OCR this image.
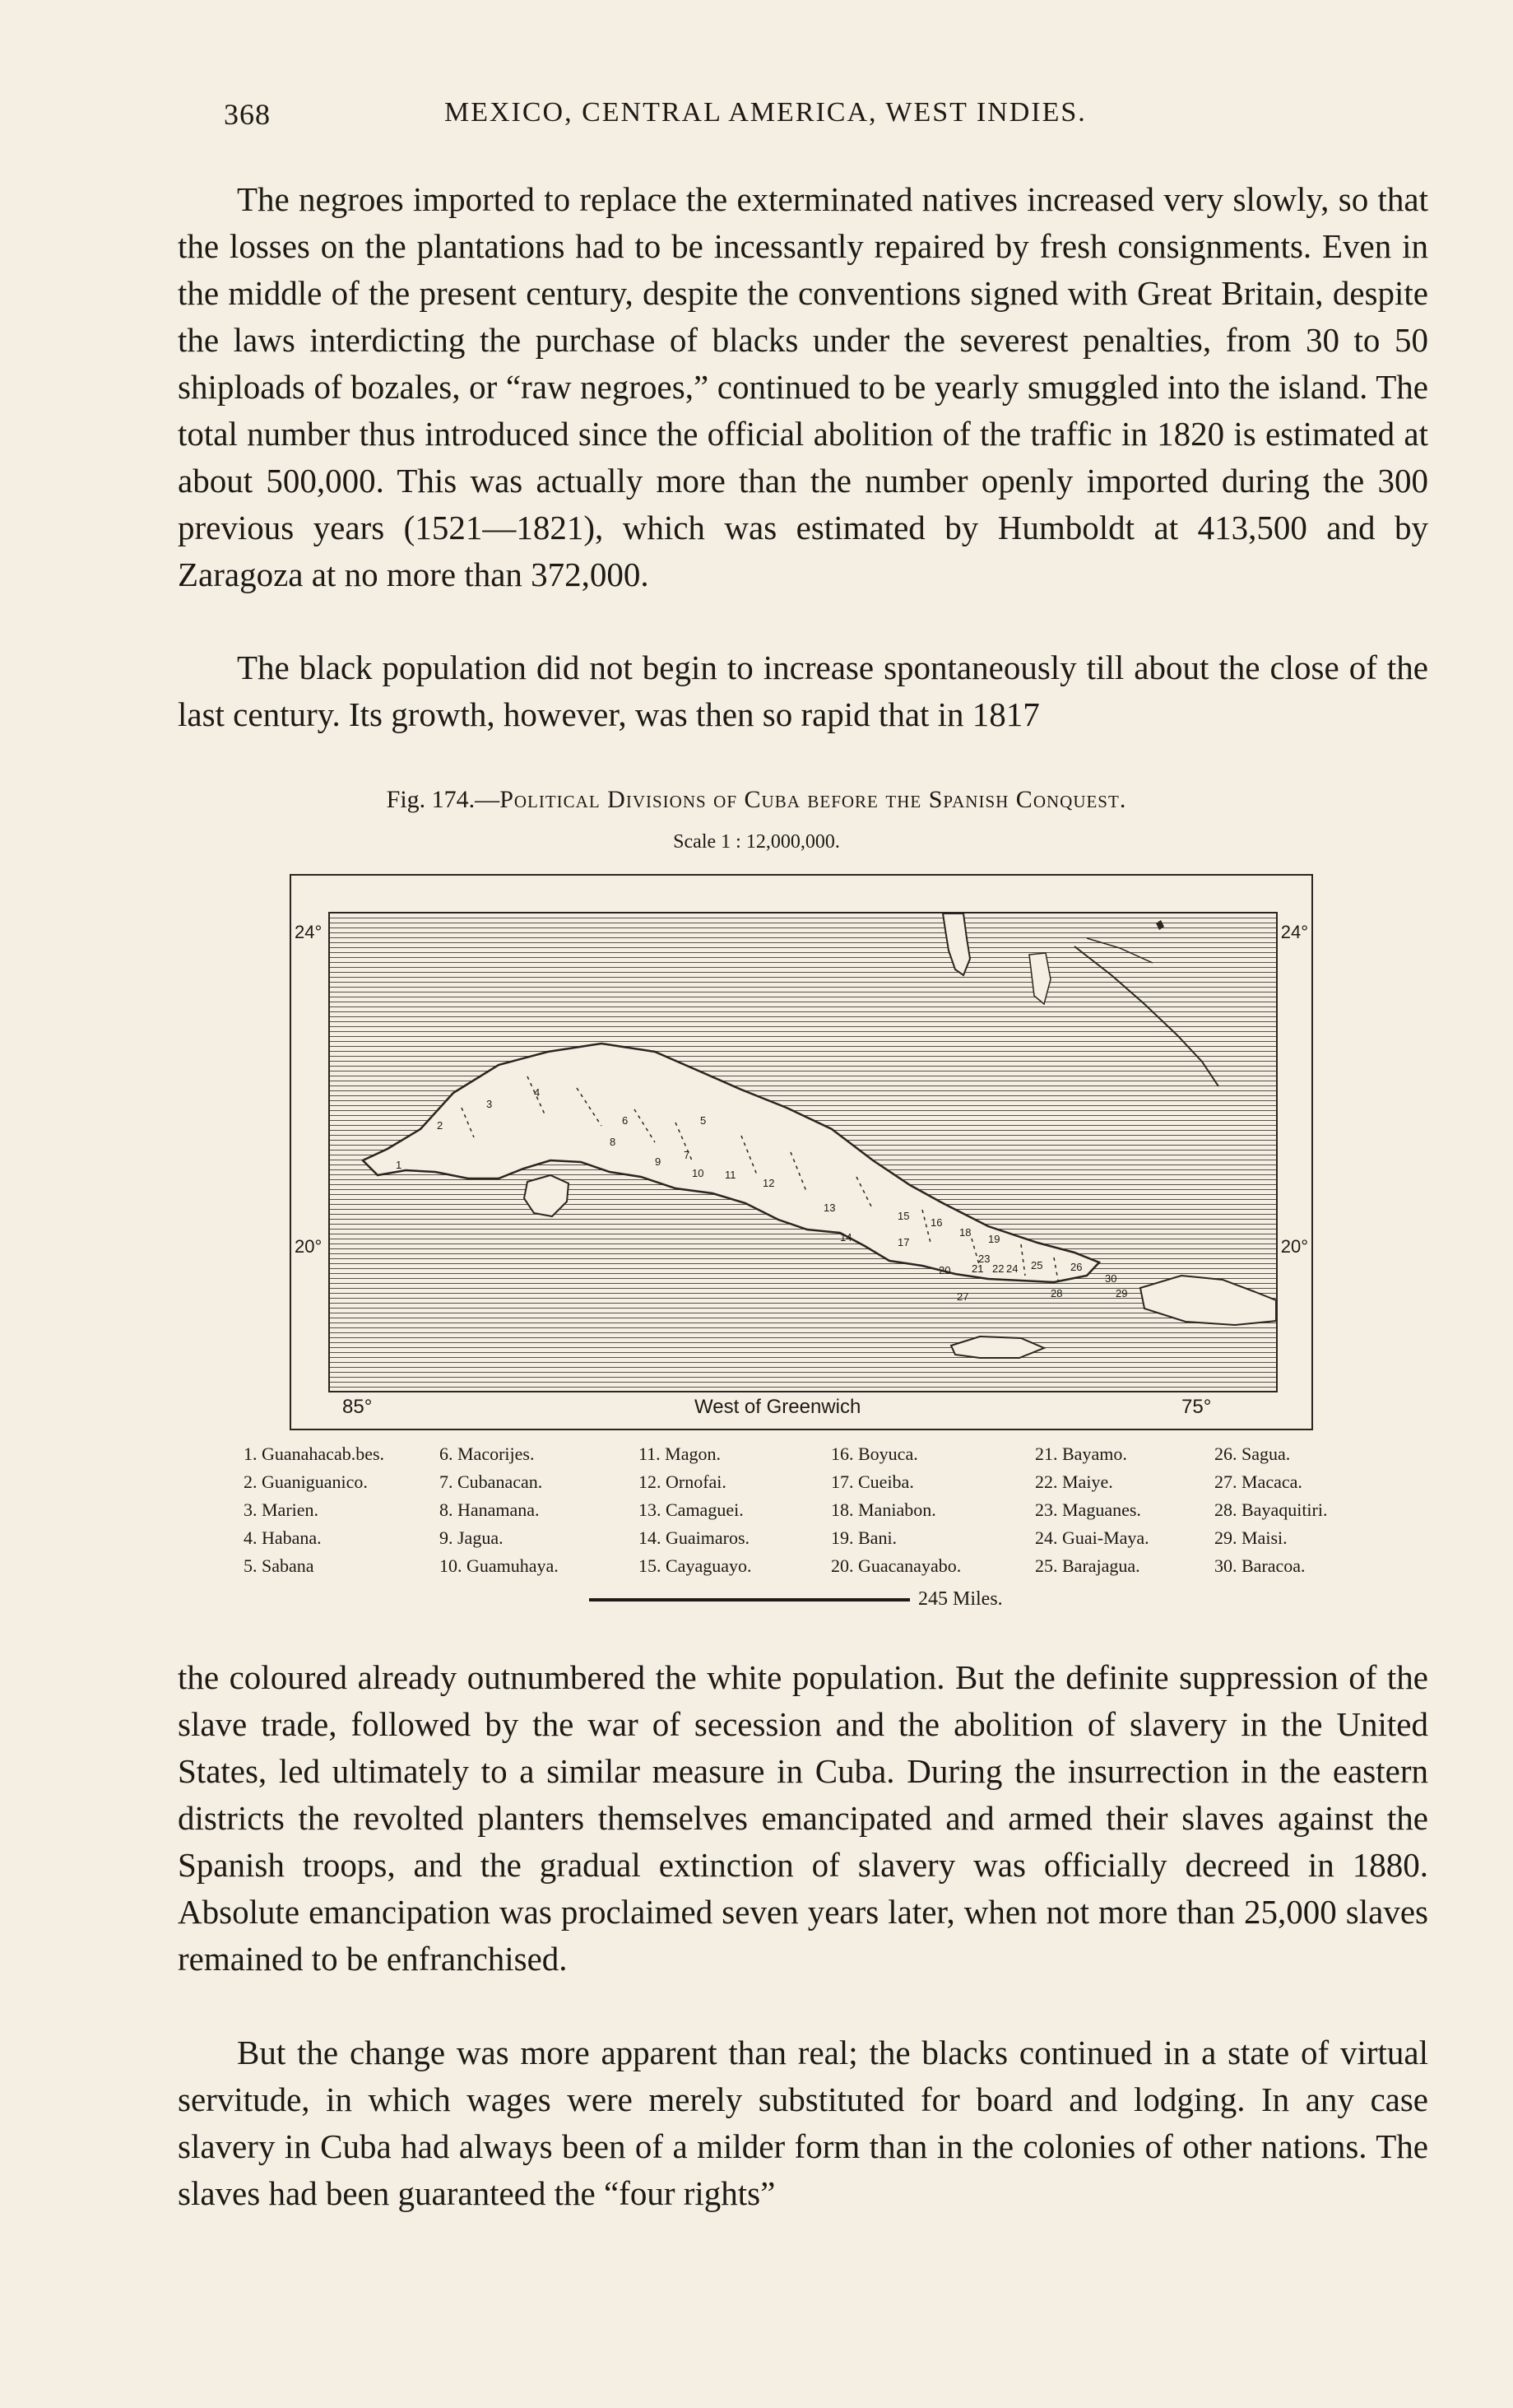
368	MEXICO, CENTRAL AMERICA, WEST INDIES.

The negroes imported to replace the exterminated natives increased very slowly, so that the losses on the plantations had to be incessantly repaired by fresh consignments. Even in the middle of the present century, despite the conventions signed with Great Britain, despite the laws interdicting the purchase of blacks under the severest penalties, from 30 to 50 shiploads of bozales, or “raw negroes,” continued to be yearly smuggled into the island. The total number thus introduced since the official abolition of the traffic in 1820 is estimated at about 500,000. This was actually more than the number openly imported during the 300 previous years (1521—1821), which was estimated by Humboldt at 413,500 and by Zaragoza at no more than 372,000.

The black population did not begin to increase spontaneously till about the close of the last century. Its growth, however, was then so rapid that in 1817

Fig. 174.—Political Divisions of Cuba before the Spanish Conquest.
Scale 1 : 12,000,000.
24°	24°
20°	20°
85°	West of Greenwich	75°
1
2
3
4
5
6
7
8
9
10 11
12
13
14
15
16
17
18
19
20 21 22
23
24 25	26
27	28	29
30
1. Guanahacab.bes.
2. Guaniguanico.
3. Marien.
4. Habana.
5. Sabana
6. Macorijes.
7. Cubanacan.
8. Hanamana.
9. Jagua.
10. Guamuhaya.
11. Magon.
12. Ornofai.
13. Camaguei.
14. Guaimaros.
15. Cayaguayo.
16. Boyuca.
17. Cueiba.
18. Maniabon.
19. Bani.
20. Guacanayabo.
21. Bayamo.
22. Maiye.
23. Maguanes.
24. Guai-Maya.
25. Barajagua.
26. Sagua.
27. Macaca.
28. Bayaquitiri.
29. Maisi.
30. Baracoa.
245 Miles.

the coloured already outnumbered the white population. But the definite suppression of the slave trade, followed by the war of secession and the abolition of slavery in the United States, led ultimately to a similar measure in Cuba. During the insurrection in the eastern districts the revolted planters themselves emancipated and armed their slaves against the Spanish troops, and the gradual extinction of slavery was officially decreed in 1880. Absolute emancipation was proclaimed seven years later, when not more than 25,000 slaves remained to be enfranchised.

But the change was more apparent than real; the blacks continued in a state of virtual servitude, in which wages were merely substituted for board and lodging. In any case slavery in Cuba had always been of a milder form than in the colonies of other nations. The slaves had been guaranteed the “four rights”
